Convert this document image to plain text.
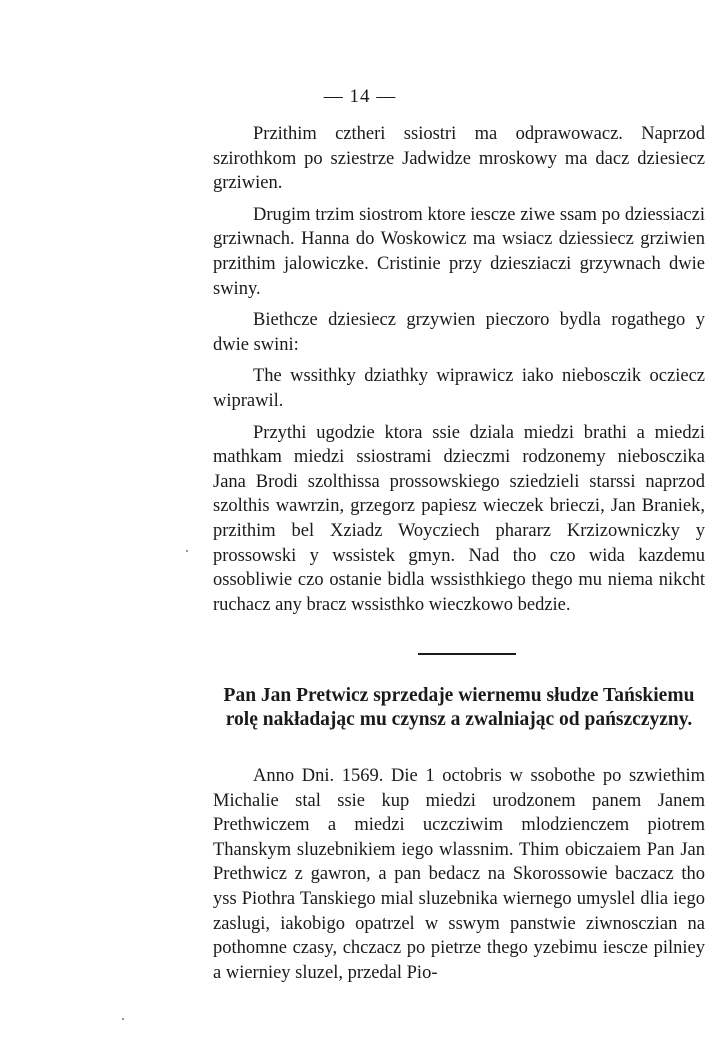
— 14 —

Przithim cztheri ssiostri ma odprawowacz. Naprzod szirothkom po sziestrze Jadwidze mroskowy ma dacz dziesiecz grziwien.

Drugim trzim siostrom ktore iescze ziwe ssam po dziessiaczi grziwnach. Hanna do Woskowicz ma wsiacz dziessiecz grziwien przithim jalowiczke. Cristinie przy dziesziaczi grzywnach dwie swiny.

Biethcze dziesiecz grzywien pieczoro bydla rogathego y dwie swini:

The wssithky dziathky wiprawicz iako niebosczik ocziecz wiprawil.

Przythi ugodzie ktora ssie dziala miedzi brathi a miedzi mathkam miedzi ssiostrami dzieczmi rodzonemy niebosczika Jana Brodi szolthissa prossowskiego sziedzieli starssi naprzod szolthis wawrzin, grzegorz papiesz wieczek brieczi, Jan Braniek, przithim bel Xziadz Woycziech phararz Krzizowniczky y prossowski y wssistek gmyn. Nad tho czo wida kazdemu ossobliwie czo ostanie bidla wssisthkiego thego mu niema nikcht ruchacz any bracz wssisthko wieczkowo bedzie.

Pan Jan Pretwicz sprzedaje wiernemu słudze Tańskiemu rolę nakładając mu czynsz a zwalniając od pańszczyzny.

Anno Dni. 1569. Die 1 octobris w ssobothe po szwiethim Michalie stal ssie kup miedzi urodzonem panem Janem Prethwiczem a miedzi uczcziwim mlodzienczem piotrem Thanskym sluzebnikiem iego wlassnim. Thim obiczaiem Pan Jan Prethwicz z gawron, a pan bedacz na Skorossowie baczacz tho yss Piothra Tanskiego mial sluzebnika wiernego umyslel dlia iego zaslugi, iakobigo opatrzel w sswym panstwie ziwnosczian na pothomne czasy, chczacz po pietrze thego yzebimu iescze pilniey a wierniey sluzel, przedal Pio-
